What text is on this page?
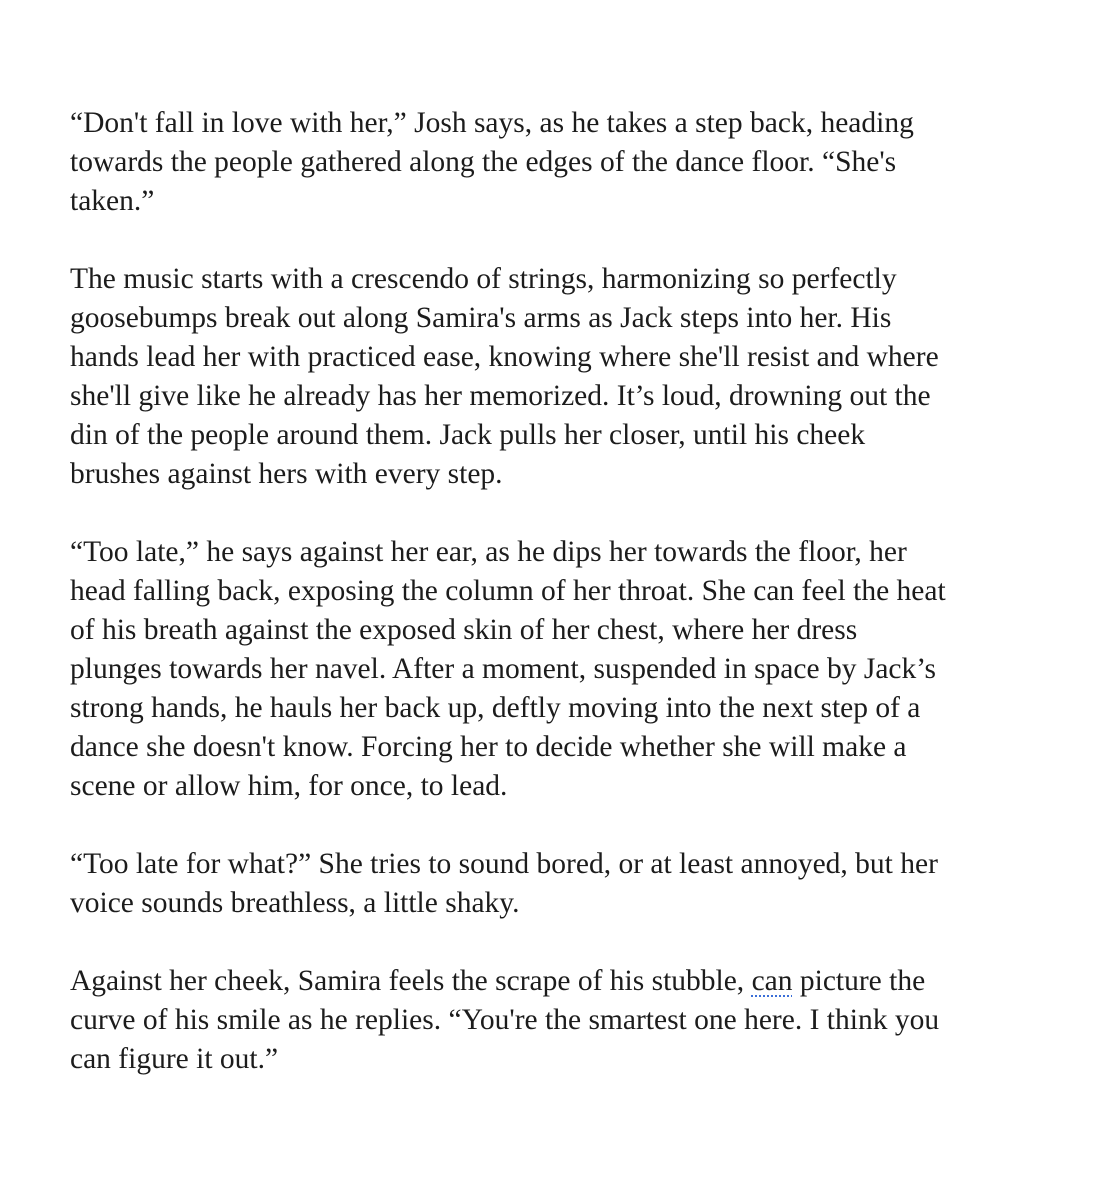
“Don't fall in love with her,” Josh says, as he takes a step back, heading
towards the people gathered along the edges of the dance floor. “She's
taken.”

The music starts with a crescendo of strings, harmonizing so perfectly
goosebumps break out along Samira's arms as Jack steps into her. His
hands lead her with practiced ease, knowing where she'll resist and where
she'll give like he already has her memorized. It’s loud, drowning out the
din of the people around them. Jack pulls her closer, until his cheek
brushes against hers with every step.

“Too late,” he says against her ear, as he dips her towards the floor, her
head falling back, exposing the column of her throat. She can feel the heat
of his breath against the exposed skin of her chest, where her dress
plunges towards her navel. After a moment, suspended in space by Jack’s
strong hands, he hauls her back up, deftly moving into the next step of a
dance she doesn't know. Forcing her to decide whether she will make a
scene or allow him, for once, to lead.

“Too late for what?” She tries to sound bored, or at least annoyed, but her
voice sounds breathless, a little shaky.

Against her cheek, Samira feels the scrape of his stubble, can picture the
curve of his smile as he replies. “You're the smartest one here. I think you
can figure it out.”
